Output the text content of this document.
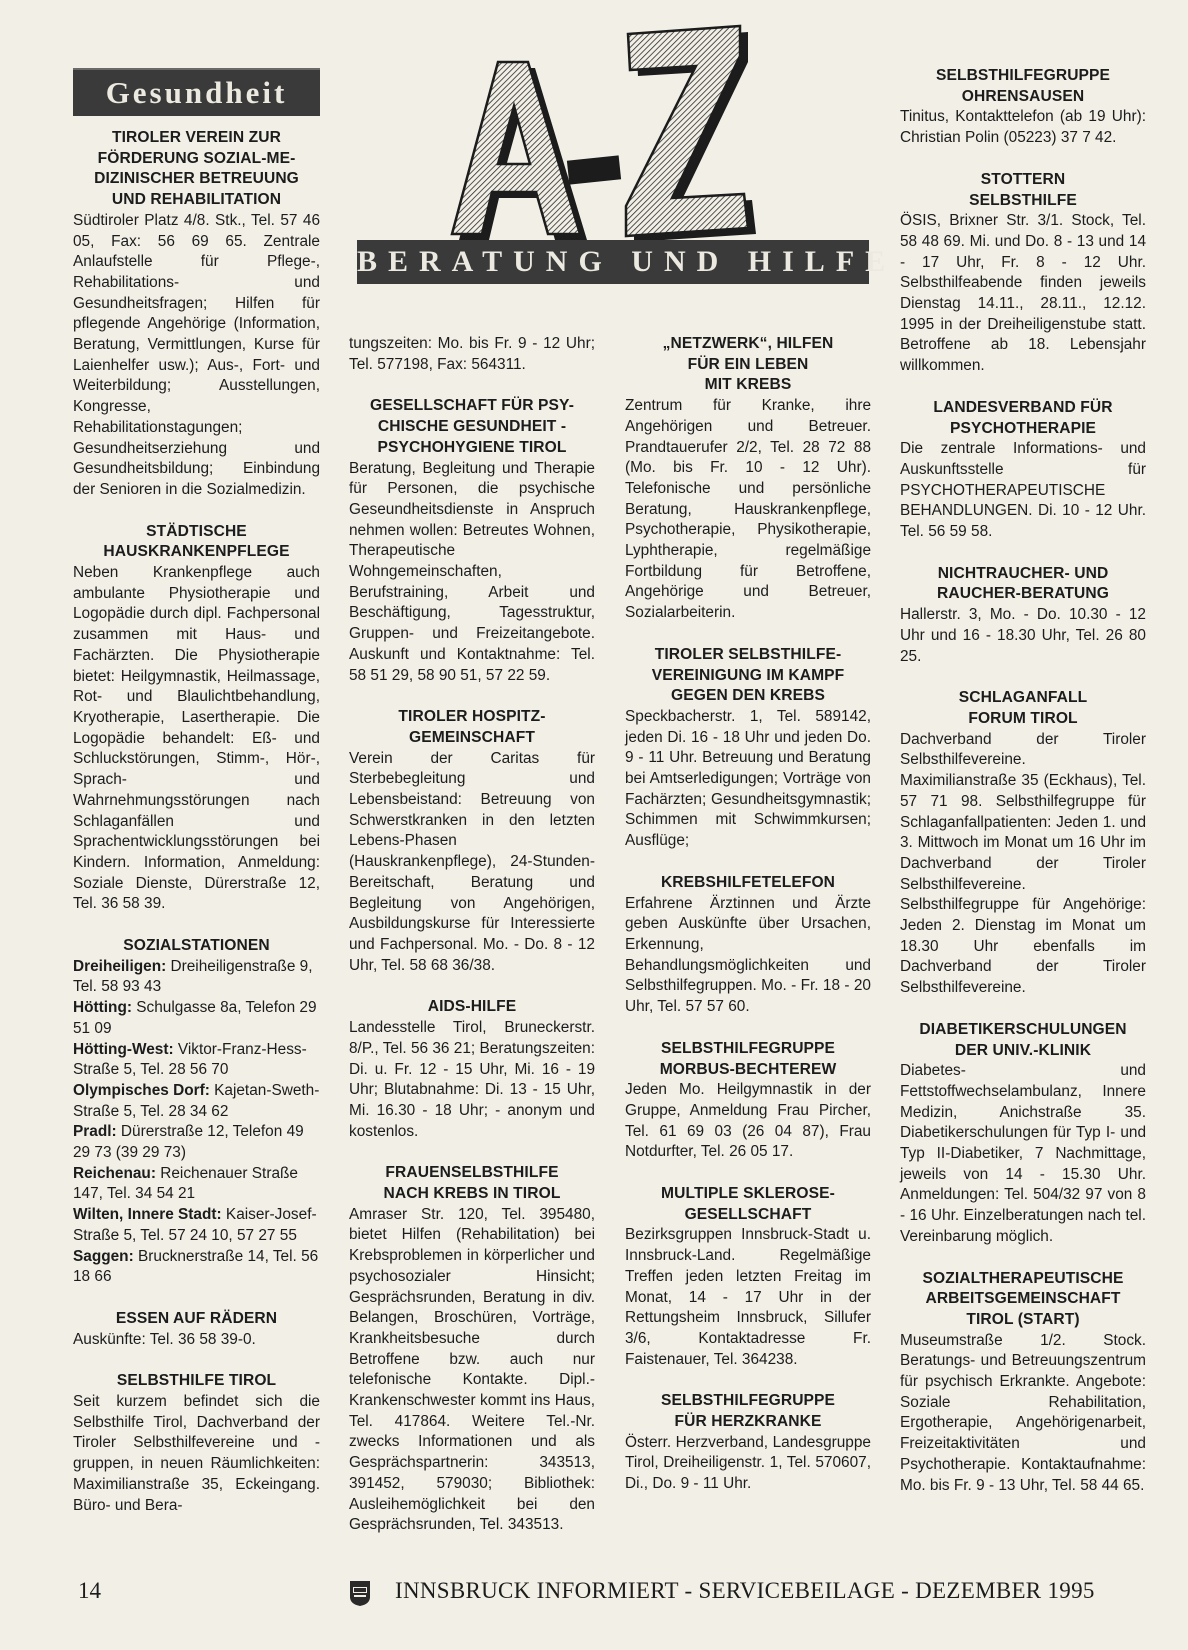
BERATUNG UND HILFE
Gesundheit
TIROLER VEREIN ZUR
FÖRDERUNG SOZIAL-ME-
DIZINISCHER BETREUUNG
UND REHABILITATION

Südtiroler Platz 4/8. Stk., Tel. 57 46 05, Fax: 56 69 65. Zentrale Anlaufstelle für Pflege-, Rehabilitations- und Gesundheitsfragen; Hilfen für pflegende Angehörige (Information, Beratung, Vermittlungen, Kurse für Laienhelfer usw.); Aus-, Fort- und Weiterbildung; Ausstellungen, Kongresse, Rehabilitationstagungen; Gesundheitserziehung und Gesundheitsbildung; Einbindung der Senioren in die Sozialmedizin.

STÄDTISCHE
HAUSKRANKENPFLEGE

Neben Krankenpflege auch ambulante Physiotherapie und Logopädie durch dipl. Fachpersonal zusammen mit Haus- und Fachärzten. Die Physiotherapie bietet: Heilgymnastik, Heilmassage, Rot- und Blaulichtbehandlung, Kryotherapie, Lasertherapie. Die Logopädie behandelt: Eß- und Schluckstörungen, Stimm-, Hör-, Sprach- und Wahrnehmungsstörungen nach Schlaganfällen und Sprachentwicklungsstörungen bei Kindern. Information, Anmeldung: Soziale Dienste, Dürerstraße 12, Tel. 36 58 39.

SOZIALSTATIONEN

Dreiheiligen: Dreiheiligenstraße 9, Tel. 58 93 43
Hötting: Schulgasse 8a, Telefon 29 51 09
Hötting-West: Viktor-Franz-Hess-Straße 5, Tel. 28 56 70
Olympisches Dorf: Kajetan-Sweth-Straße 5, Tel. 28 34 62
Pradl: Dürerstraße 12, Telefon 49 29 73 (39 29 73)
Reichenau: Reichenauer Straße 147, Tel. 34 54 21
Wilten, Innere Stadt: Kaiser-Josef-Straße 5, Tel. 57 24 10, 57 27 55
Saggen: Brucknerstraße 14, Tel. 56 18 66

ESSEN AUF RÄDERN

Auskünfte: Tel. 36 58 39-0.

SELBSTHILFE TIROL

Seit kurzem befindet sich die Selbsthilfe Tirol, Dachverband der Tiroler Selbsthilfevereine und -gruppen, in neuen Räumlichkeiten: Maximilianstraße 35, Eckeingang. Büro- und Bera-

tungszeiten: Mo. bis Fr. 9 - 12 Uhr; Tel. 577198, Fax: 564311.

GESELLSCHAFT FÜR PSY-
CHISCHE GESUNDHEIT -
PSYCHOHYGIENE TIROL

Beratung, Begleitung und Therapie für Personen, die psychische Geseundheitsdienste in Anspruch nehmen wollen: Betreutes Wohnen, Therapeutische Wohngemeinschaften, Berufstraining, Arbeit und Beschäftigung, Tagesstruktur, Gruppen- und Freizeitangebote. Auskunft und Kontaktnahme: Tel. 58 51 29, 58 90 51, 57 22 59.

TIROLER HOSPITZ-
GEMEINSCHAFT

Verein der Caritas für Sterbebegleitung und Lebensbeistand: Betreuung von Schwerstkranken in den letzten Lebens-Phasen (Hauskrankenpflege), 24-Stunden-Bereitschaft, Beratung und Begleitung von Angehörigen, Ausbildungskurse für Interessierte und Fachpersonal. Mo. - Do. 8 - 12 Uhr, Tel. 58 68 36/38.

AIDS-HILFE

Landesstelle Tirol, Bruneckerstr. 8/P., Tel. 56 36 21; Beratungszeiten: Di. u. Fr. 12 - 15 Uhr, Mi. 16 - 19 Uhr; Blutabnahme: Di. 13 - 15 Uhr, Mi. 16.30 - 18 Uhr; - anonym und kostenlos.

FRAUENSELBSTHILFE
NACH KREBS IN TIROL

Amraser Str. 120, Tel. 395480, bietet Hilfen (Rehabilitation) bei Krebsproblemen in körperlicher und psychosozialer Hinsicht; Gesprächsrunden, Beratung in div. Belangen, Broschüren, Vorträge, Krankheitsbesuche durch Betroffene bzw. auch nur telefonische Kontakte. Dipl.-Krankenschwester kommt ins Haus, Tel. 417864. Weitere Tel.-Nr. zwecks Informationen und als Gesprächspartnerin: 343513, 391452, 579030; Bibliothek: Ausleihemöglichkeit bei den Gesprächsrunden, Tel. 343513.

„NETZWERK“, HILFEN
FÜR EIN LEBEN
MIT KREBS

Zentrum für Kranke, ihre Angehörigen und Betreuer. Prandtauerufer 2/2, Tel. 28 72 88 (Mo. bis Fr. 10 - 12 Uhr). Telefonische und persönliche Beratung, Hauskrankenpflege, Psychotherapie, Physikotherapie, Lyphtherapie, regelmäßige Fortbildung für Betroffene, Angehörige und Betreuer, Sozialarbeiterin.

TIROLER SELBSTHILFE-
VEREINIGUNG IM KAMPF
GEGEN DEN KREBS

Speckbacherstr. 1, Tel. 589142, jeden Di. 16 - 18 Uhr und jeden Do. 9 - 11 Uhr. Betreuung und Beratung bei Amtserledigungen; Vorträge von Fachärzten; Gesundheitsgymnastik; Schimmen mit Schwimmkursen; Ausflüge;

KREBSHILFETELEFON

Erfahrene Ärztinnen und Ärzte geben Auskünfte über Ursachen, Erkennung, Behandlungsmöglichkeiten und Selbsthilfegruppen. Mo. - Fr. 18 - 20 Uhr, Tel. 57 57 60.

SELBSTHILFEGRUPPE
MORBUS-BECHTEREW

Jeden Mo. Heilgymnastik in der Gruppe, Anmeldung Frau Pircher, Tel. 61 69 03 (26 04 87), Frau Notdurfter, Tel. 26 05 17.

MULTIPLE SKLEROSE-
GESELLSCHAFT

Bezirksgruppen Innsbruck-Stadt u. Innsbruck-Land. Regelmäßige Treffen jeden letzten Freitag im Monat, 14 - 17 Uhr in der Rettungsheim Innsbruck, Sillufer 3/6, Kontaktadresse Fr. Faistenauer, Tel. 364238.

SELBSTHILFEGRUPPE
FÜR HERZKRANKE

Österr. Herzverband, Landesgruppe Tirol, Dreiheiligenstr. 1, Tel. 570607, Di., Do. 9 - 11 Uhr.

SELBSTHILFEGRUPPE
OHRENSAUSEN

Tinitus, Kontakttelefon (ab 19 Uhr): Christian Polin (05223) 37 7 42.

STOTTERN
SELBSTHILFE

ÖSIS, Brixner Str. 3/1. Stock, Tel. 58 48 69. Mi. und Do. 8 - 13 und 14 - 17 Uhr, Fr. 8 - 12 Uhr. Selbsthilfeabende finden jeweils Dienstag 14.11., 28.11., 12.12. 1995 in der Dreiheiligenstube statt. Betroffene ab 18. Lebensjahr willkommen.

LANDESVERBAND FÜR
PSYCHOTHERAPIE

Die zentrale Informations- und Auskunftsstelle für PSYCHOTHERAPEUTISCHE BEHANDLUNGEN. Di. 10 - 12 Uhr. Tel. 56 59 58.

NICHTRAUCHER- UND
RAUCHER-BERATUNG

Hallerstr. 3, Mo. - Do. 10.30 - 12 Uhr und 16 - 18.30 Uhr, Tel. 26 80 25.

SCHLAGANFALL
FORUM TIROL

Dachverband der Tiroler Selbsthilfevereine. Maximilianstraße 35 (Eckhaus), Tel. 57 71 98. Selbsthilfegruppe für Schlaganfallpatienten: Jeden 1. und 3. Mittwoch im Monat um 16 Uhr im Dachverband der Tiroler Selbsthilfevereine. Selbsthilfegruppe für Angehörige: Jeden 2. Dienstag im Monat um 18.30 Uhr ebenfalls im Dachverband der Tiroler Selbsthilfevereine.

DIABETIKERSCHULUNGEN
DER UNIV.-KLINIK

Diabetes- und Fettstoffwechselambulanz, Innere Medizin, Anichstraße 35. Diabetikerschulungen für Typ I- und Typ II-Diabetiker, 7 Nachmittage, jeweils von 14 - 15.30 Uhr. Anmeldungen: Tel. 504/32 97 von 8 - 16 Uhr. Einzelberatungen nach tel. Vereinbarung möglich.

SOZIALTHERAPEUTISCHE
ARBEITSGEMEINSCHAFT
TIROL (START)

Museumstraße 1/2. Stock. Beratungs- und Betreuungszentrum für psychisch Erkrankte. Angebote: Soziale Rehabilitation, Ergotherapie, Angehörigenarbeit, Freizeitaktivitäten und Psychotherapie. Kontaktaufnahme: Mo. bis Fr. 9 - 13 Uhr, Tel. 58 44 65.

14	INNSBRUCK INFORMIERT - SERVICEBEILAGE - DEZEMBER 1995
